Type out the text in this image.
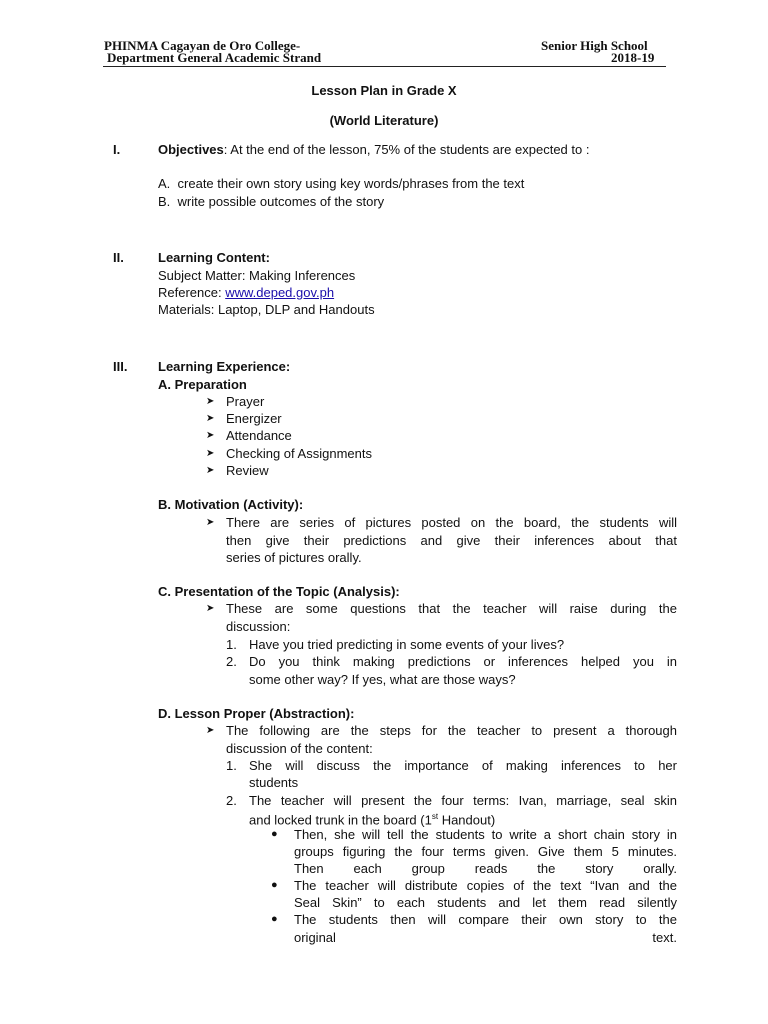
PHINMA Cagayan de Oro College-
Department General Academic Strand
Senior High School
2018-19
Lesson Plan in Grade X
(World Literature)
I.	Objectives: At the end of the lesson, 75% of the students are expected to :
A. create their own story using key words/phrases from the text
B. write possible outcomes of the story
II.	Learning Content:
Subject Matter: Making Inferences
Reference: www.deped.gov.ph
Materials: Laptop, DLP and Handouts
III. Learning Experience:
A. Preparation
➤ Prayer
➤ Energizer
➤ Attendance
➤ Checking of Assignments
➤ Review
B. Motivation (Activity):
➤ There are series of pictures posted on the board, the students will
then give their predictions and give their inferences about that
series of pictures orally.
C. Presentation of the Topic (Analysis):
➤ These are some questions that the teacher will raise during the
discussion:
1. Have you tried predicting in some events of your lives?
2. Do you think making predictions or inferences helped you in
some other way? If yes, what are those ways?
D. Lesson Proper (Abstraction):
➤ The following are the steps for the teacher to present a thorough
discussion of the content:
1. She will discuss the importance of making inferences to her
students
2. The teacher will present the four terms: Ivan, marriage, seal skin
and locked trunk in the board (1st Handout)
● Then, she will tell the students to write a short chain story in
groups figuring the four terms given. Give them 5 minutes.
Then each group reads the story orally.
● The teacher will distribute copies of the text “Ivan and the
Seal Skin” to each students and let them read silently
● The students then will compare their own story to the
original text.
